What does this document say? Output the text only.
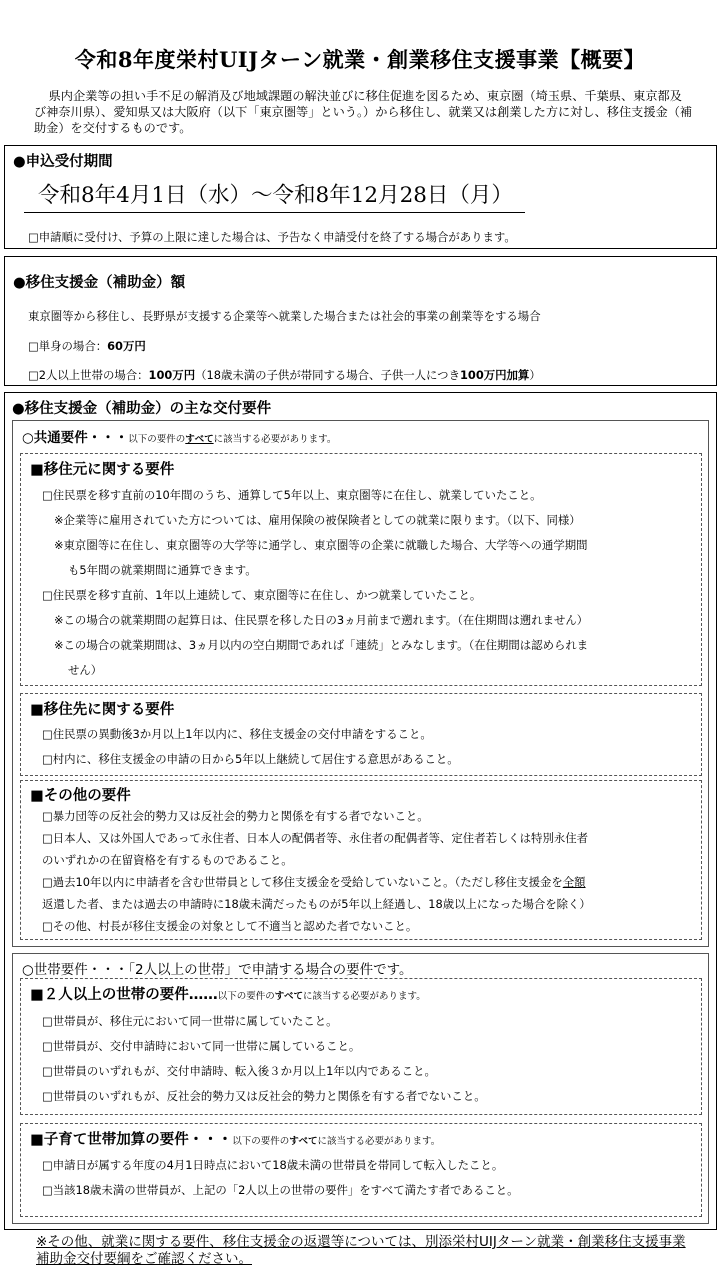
令和8年度栄村UIJターン就業・創業移住支援事業【概要】
県内企業等の担い手不足の解消及び地域課題の解決並びに移住促進を図るため、東京圏（埼玉県、千葉県、東京都及び神奈川県）、愛知県又は大阪府（以下「東京圏等」という。）から移住し、就業又は創業した方に対し、移住支援金（補助金）を交付するものです。
●申込受付期間
令和8年4月1日（水）～令和8年12月28日（月）
□申請順に受付け、予算の上限に達した場合は、予告なく申請受付を終了する場合があります。
●移住支援金（補助金）額
東京圏等から移住し、長野県が支援する企業等へ就業した場合または社会的事業の創業等をする場合
□単身の場合：60万円
□2人以上世帯の場合：100万円（18歳未満の子供が帯同する場合、子供一人につき100万円加算）
●移住支援金（補助金）の主な交付要件
○共通要件・・・以下の要件のすべてに該当する必要があります。
■移住元に関する要件
□住民票を移す直前の10年間のうち、通算して5年以上、東京圏等に在住し、就業していたこと。
※企業等に雇用されていた方については、雇用保険の被保険者としての就業に限ります。（以下、同様）
※東京圏等に在住し、東京圏等の大学等に通学し、東京圏等の企業に就職した場合、大学等への通学期間
も5年間の就業期間に通算できます。
□住民票を移す直前、1年以上連続して、東京圏等に在住し、かつ就業していたこと。
※この場合の就業期間の起算日は、住民票を移した日の3ヵ月前まで遡れます。（在住期間は遡れません）
※この場合の就業期間は、3ヵ月以内の空白期間であれば「連続」とみなします。（在住期間は認められま
せん）
■移住先に関する要件
□住民票の異動後3か月以上1年以内に、移住支援金の交付申請をすること。
□村内に、移住支援金の申請の日から5年以上継続して居住する意思があること。
■その他の要件
□暴力団等の反社会的勢力又は反社会的勢力と関係を有する者でないこと。
□日本人、又は外国人であって永住者、日本人の配偶者等、永住者の配偶者等、定住者若しくは特別永住者
のいずれかの在留資格を有するものであること。
□過去10年以内に申請者を含む世帯員として移住支援金を受給していないこと。（ただし移住支援金を全額
返還した者、または過去の申請時に18歳未満だったものが5年以上経過し、18歳以上になった場合を除く）
□その他、村長が移住支援金の対象として不適当と認めた者でないこと。
○世帯要件・・・「2人以上の世帯」で申請する場合の要件です。
■２人以上の世帯の要件……以下の要件のすべてに該当する必要があります。
□世帯員が、移住元において同一世帯に属していたこと。
□世帯員が、交付申請時において同一世帯に属していること。
□世帯員のいずれもが、交付申請時、転入後３か月以上1年以内であること。
□世帯員のいずれもが、反社会的勢力又は反社会的勢力と関係を有する者でないこと。
■子育て世帯加算の要件・・・以下の要件のすべてに該当する必要があります。
□申請日が属する年度の4月1日時点において18歳未満の世帯員を帯同して転入したこと。
□当該18歳未満の世帯員が、上記の「2人以上の世帯の要件」をすべて満たす者であること。
※その他、就業に関する要件、移住支援金の返還等については、別添栄村UIJターン就業・創業移住支援事業補助金交付要綱をご確認ください。
